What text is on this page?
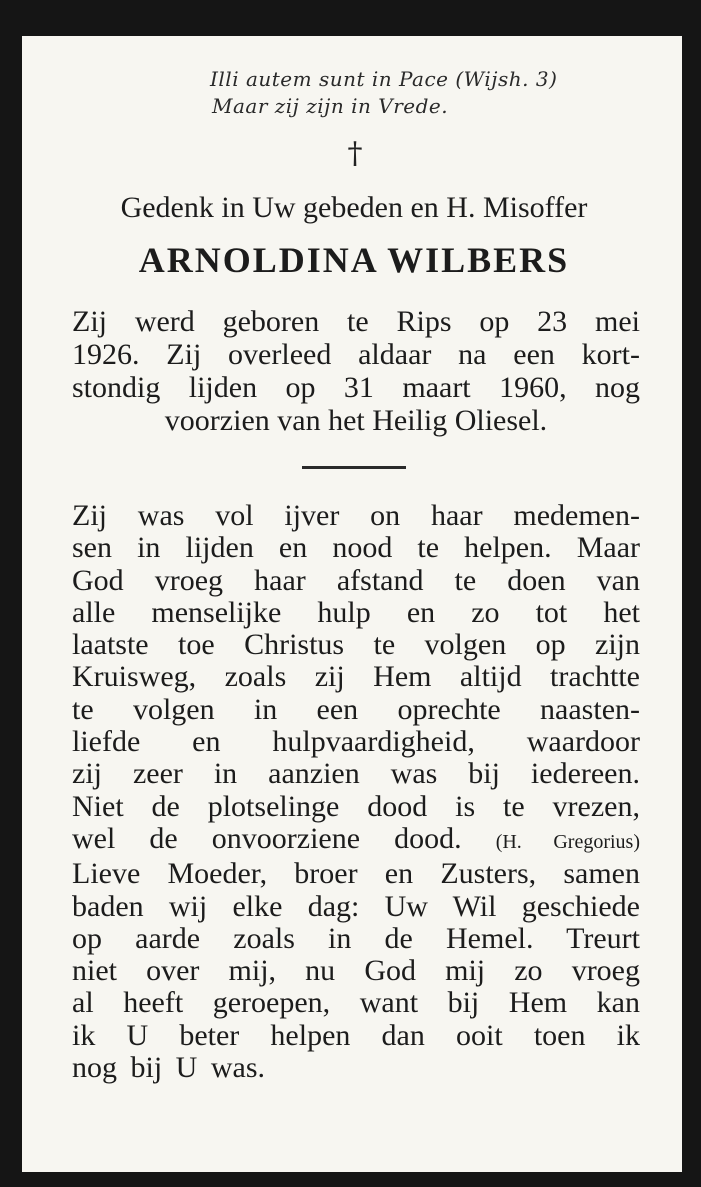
Illi autem sunt in Pace (Wijsh. 3)
Maar zij zijn in Vrede.
†
Gedenk in Uw gebeden en H. Misoffer
ARNOLDINA WILBERS
Zij werd geboren te Rips op 23 mei
1926. Zij overleed aldaar na een kort-
stondig lijden op 31 maart 1960, nog
voorzien van het Heilig Oliesel.
Zij was vol ijver on haar medemen-
sen in lijden en nood te helpen. Maar
God vroeg haar afstand te doen van
alle menselijke hulp en zo tot het
laatste toe Christus te volgen op zijn
Kruisweg, zoals zij Hem altijd trachtte
te volgen in een oprechte naasten-
liefde en hulpvaardigheid, waardoor
zij zeer in aanzien was bij iedereen.
Niet de plotselinge dood is te vrezen,
wel de onvoorziene dood. (H. Gregorius)
Lieve Moeder, broer en Zusters, samen
baden wij elke dag: Uw Wil geschiede
op aarde zoals in de Hemel. Treurt
niet over mij, nu God mij zo vroeg
al heeft geroepen, want bij Hem kan
ik U beter helpen dan ooit toen ik
nog bij U was.
